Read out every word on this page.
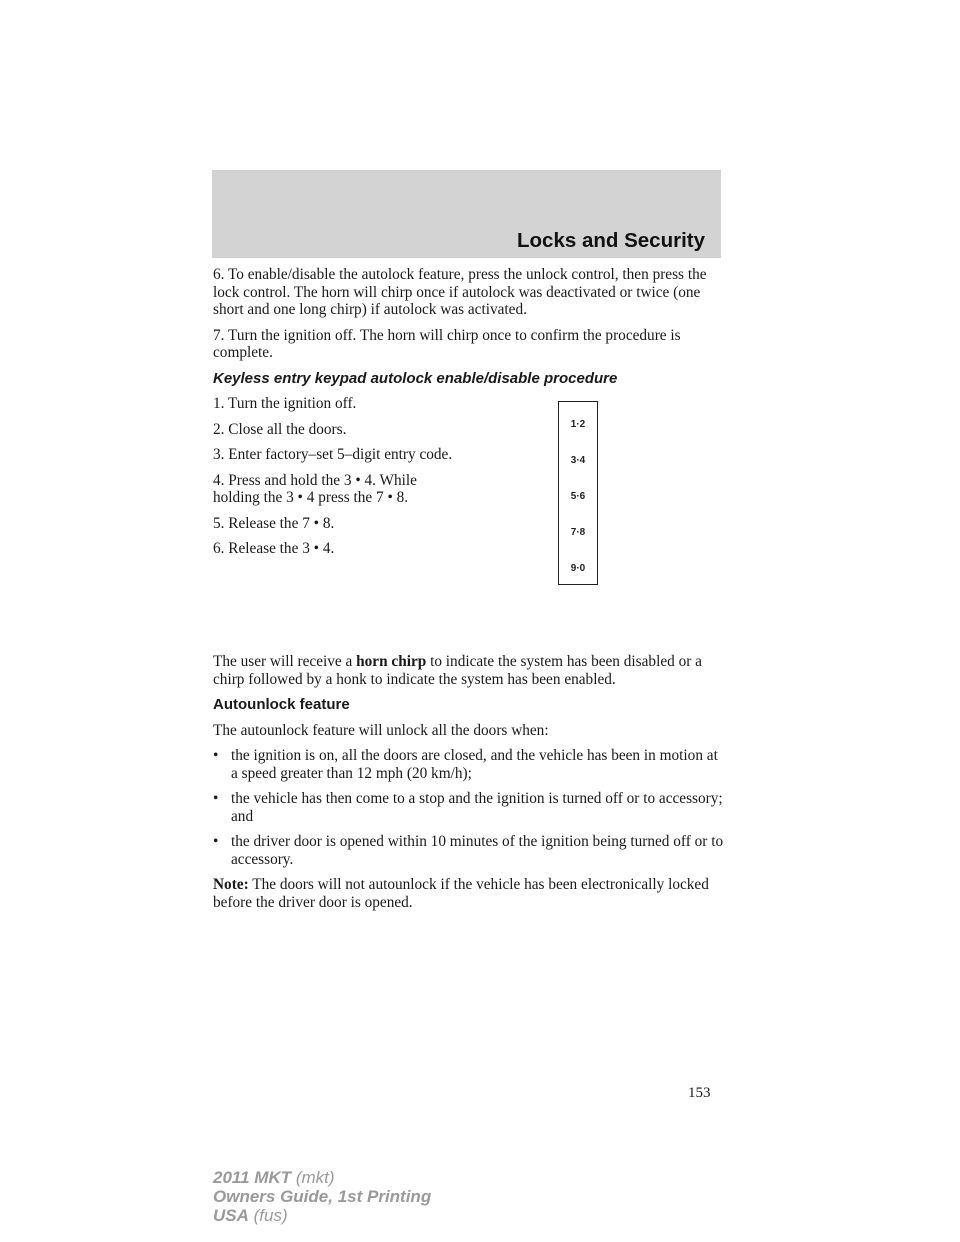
Locks and Security

6. To enable/disable the autolock feature, press the unlock control, then press the lock control. The horn will chirp once if autolock was deactivated or twice (one short and one long chirp) if autolock was activated.

7. Turn the ignition off. The horn will chirp once to confirm the procedure is complete.

Keyless entry keypad autolock enable/disable procedure

1. Turn the ignition off.

2. Close all the doors.

3. Enter factory–set 5–digit entry code.

4. Press and hold the 3 • 4. While holding the 3 • 4 press the 7 • 8.

5. Release the 7 • 8.

6. Release the 3 • 4.

1·2
3·4
5·6
7·8
9·0

The user will receive a horn chirp to indicate the system has been disabled or a chirp followed by a honk to indicate the system has been enabled.

Autounlock feature

The autounlock feature will unlock all the doors when:

• the ignition is on, all the doors are closed, and the vehicle has been in motion at a speed greater than 12 mph (20 km/h);
• the vehicle has then come to a stop and the ignition is turned off or to accessory; and
• the driver door is opened within 10 minutes of the ignition being turned off or to accessory.

Note: The doors will not autounlock if the vehicle has been electronically locked before the driver door is opened.

153
2011 MKT (mkt)
Owners Guide, 1st Printing
USA (fus)
